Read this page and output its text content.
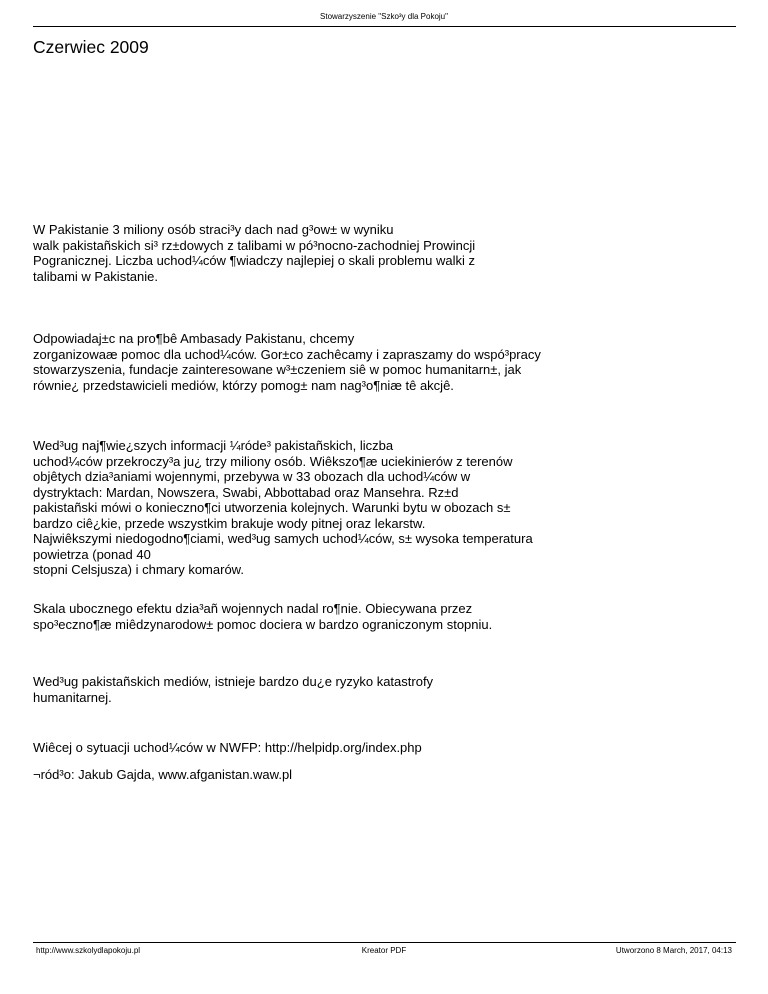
Stowarzyszenie "Szko³y dla Pokoju"
Czerwiec 2009

W Pakistanie 3 miliony osób straci³y dach nad g³ow± w wyniku
walk pakistañskich si³ rz±dowych z talibami w pó³nocno-zachodniej Prowincji
Pogranicznej. Liczba uchod¼ców ¶wiadczy najlepiej o skali problemu walki z
talibami w Pakistanie.

Odpowiadaj±c na pro¶bê Ambasady Pakistanu, chcemy
zorganizowaæ pomoc dla uchod¼ców. Gor±co zachêcamy i zapraszamy do wspó³pracy
stowarzyszenia, fundacje zainteresowane w³±czeniem siê w pomoc humanitarn±, jak
równie¿ przedstawicieli mediów, którzy pomog± nam nag³o¶niæ tê akcjê.

Wed³ug naj¶wie¿szych informacji ¼róde³ pakistañskich, liczba
uchod¼ców przekroczy³a ju¿ trzy miliony osób. Wiêkszo¶æ uciekinierów z terenów
objêtych dzia³aniami wojennymi, przebywa w 33 obozach dla uchod¼ców w
dystryktach: Mardan, Nowszera, Swabi, Abbottabad oraz Mansehra. Rz±d
pakistañski mówi o konieczno¶ci utworzenia kolejnych. Warunki bytu w obozach s±
bardzo ciê¿kie, przede wszystkim brakuje wody pitnej oraz lekarstw.
Najwiêkszymi niedogodno¶ciami, wed³ug samych uchod¼ców, s± wysoka temperatura
powietrza (ponad 40
stopni Celsjusza) i chmary komarów.

Skala ubocznego efektu dzia³añ wojennych nadal ro¶nie. Obiecywana przez
spo³eczno¶æ miêdzynarodow± pomoc dociera w bardzo ograniczonym stopniu.

Wed³ug pakistañskich mediów, istnieje bardzo du¿e ryzyko katastrofy
humanitarnej.

Wiêcej o sytuacji uchod¼ców w NWFP: http://helpidp.org/index.php

¬ród³o: Jakub Gajda, www.afganistan.waw.pl

http://www.szkolydlapokoju.pl	Kreator PDF	Utworzono 8 March, 2017, 04:13
